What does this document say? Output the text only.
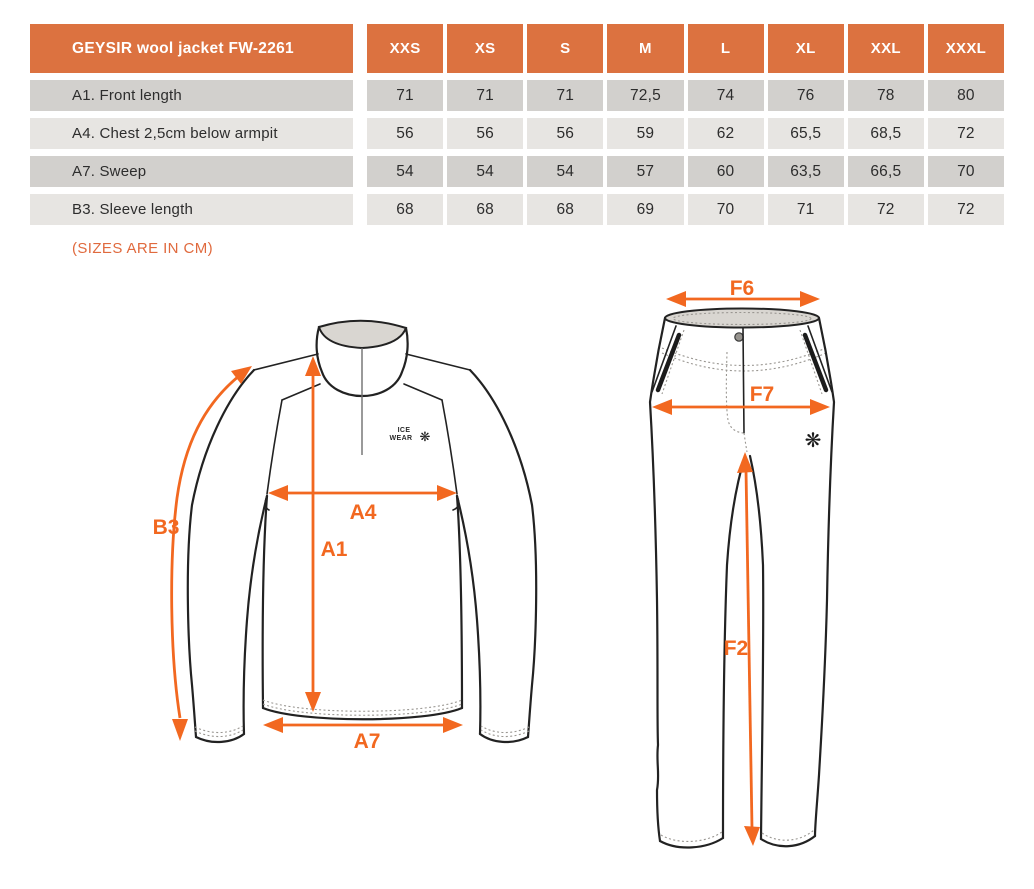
GEYSIR wool jacket FW-2261	XXS	XS	S	M	L	XL	XXL	XXXL
A1. Front length	71	71	71	72,5	74	76	78	80
A4. Chest 2,5cm below armpit	56	56	56	59	62	65,5	68,5	72
A7. Sweep	54	54	54	57	60	63,5	66,5	70
B3. Sleeve length	68	68	68	69	70	71	72	72
(SIZES ARE IN CM)
ICE
WEAR ❋
B3
A1
A4
A7
❋
F6
F7
F2
